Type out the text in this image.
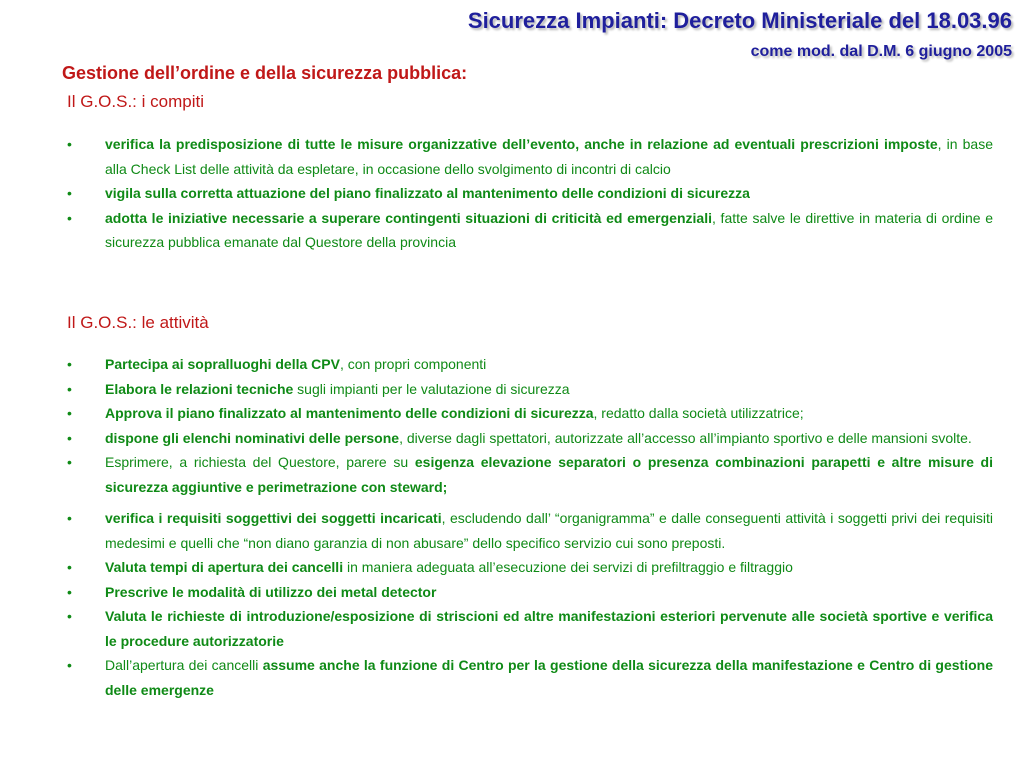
Sicurezza Impianti: Decreto Ministeriale del 18.03.96
come mod. dal D.M. 6 giugno 2005
Gestione dell’ordine e della sicurezza pubblica:
Il G.O.S.: i compiti
• verifica la predisposizione di tutte le misure organizzative dell’evento, anche in relazione ad eventuali prescrizioni imposte, in base alla Check List delle attività da espletare, in occasione dello svolgimento di incontri di calcio
• vigila sulla corretta attuazione del piano finalizzato al mantenimento delle condizioni di sicurezza
• adotta le iniziative necessarie a superare contingenti situazioni di criticità ed emergenziali, fatte salve le direttive in materia di ordine e sicurezza pubblica emanate dal Questore della provincia
Il G.O.S.: le attività
• Partecipa ai sopralluoghi della CPV, con propri componenti
• Elabora le relazioni tecniche sugli impianti per le valutazione di sicurezza
• Approva il piano finalizzato al mantenimento delle condizioni di sicurezza, redatto dalla società utilizzatrice;
• dispone gli elenchi nominativi delle persone, diverse dagli spettatori, autorizzate all’accesso all’impianto sportivo e delle mansioni svolte.
• Esprimere, a richiesta del Questore, parere su esigenza elevazione separatori o presenza combinazioni parapetti e altre misure di sicurezza aggiuntive e perimetrazione con steward;
• verifica i requisiti soggettivi dei soggetti incaricati, escludendo dall’ “organigramma” e dalle conseguenti attività i soggetti privi dei requisiti medesimi e quelli che “non diano garanzia di non abusare” dello specifico servizio cui sono preposti.
• Valuta tempi di apertura dei cancelli in maniera adeguata all’esecuzione dei servizi di prefiltraggio e filtraggio
• Prescrive le modalità di utilizzo dei metal detector
• Valuta le richieste di introduzione/esposizione di striscioni ed altre manifestazioni esteriori pervenute alle società sportive e verifica le procedure autorizzatorie
• Dall’apertura dei cancelli assume anche la funzione di Centro per la gestione della sicurezza della manifestazione e Centro di gestione delle emergenze
